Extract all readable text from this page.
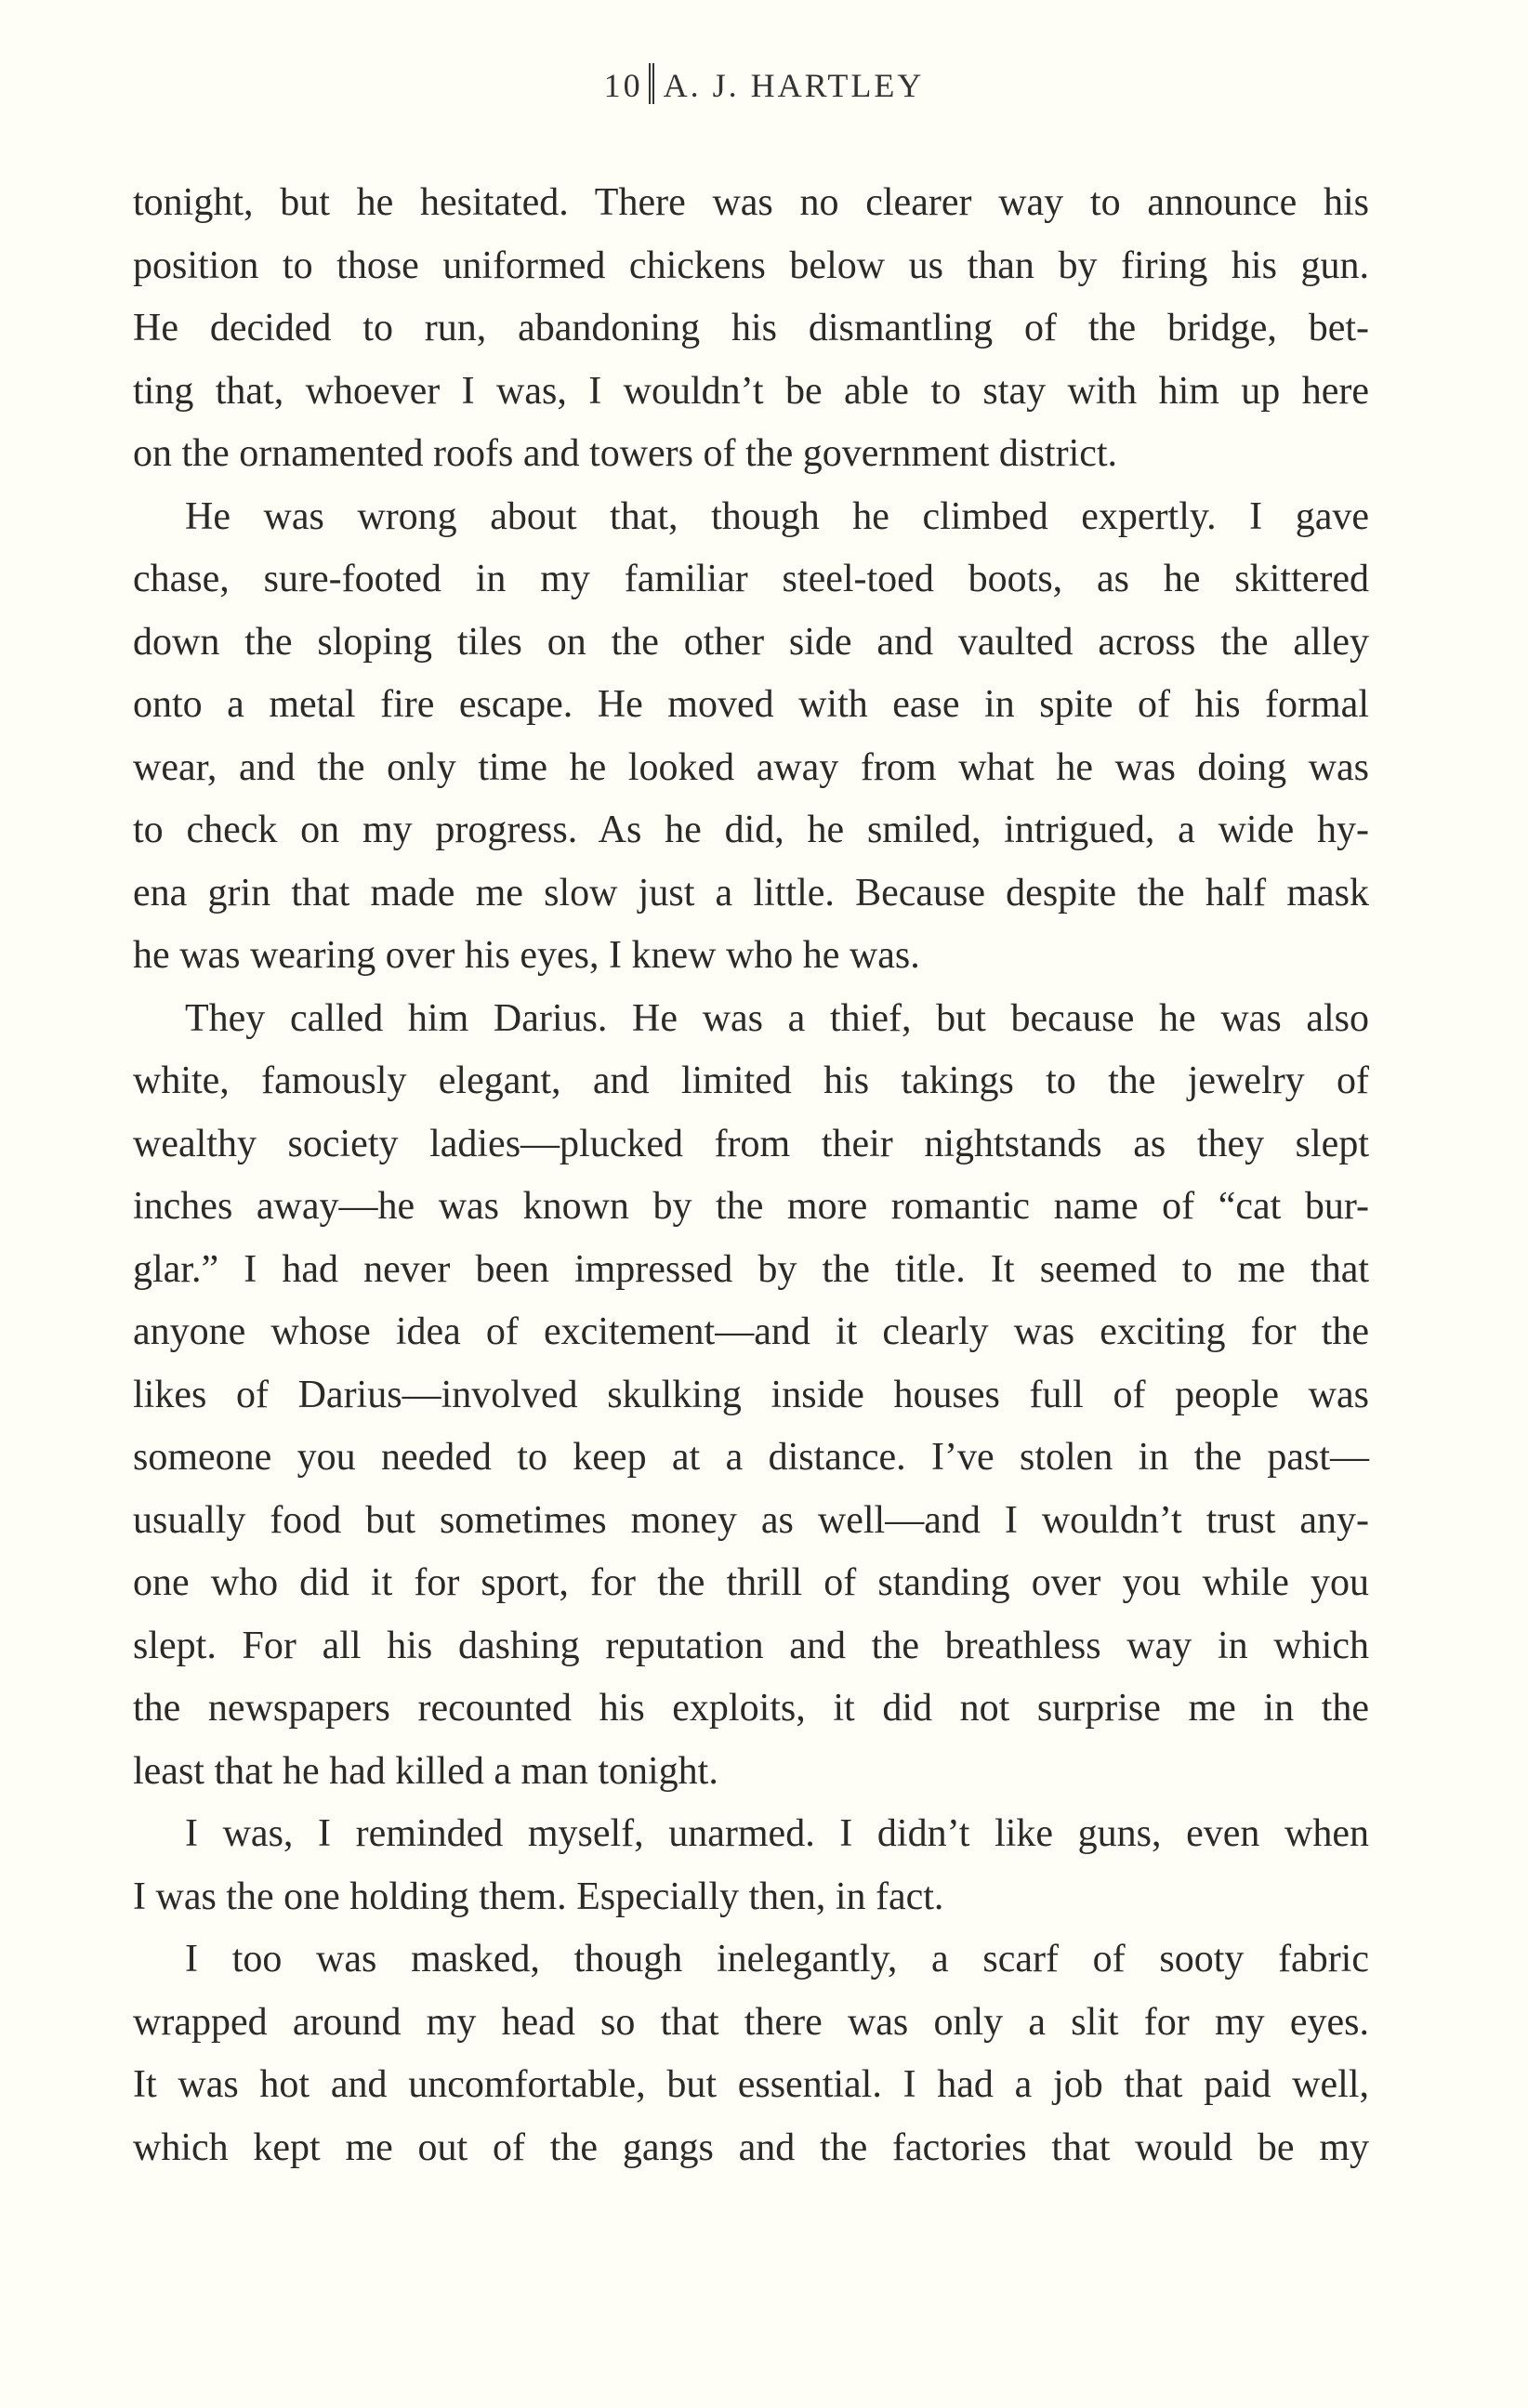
10 A. J. HARTLEY
tonight, but he hesitated. There was no clearer way to announce his
position to those uniformed chickens below us than by firing his gun.
He decided to run, abandoning his dismantling of the bridge, bet-
ting that, whoever I was, I wouldn’t be able to stay with him up here
on the ornamented roofs and towers of the government district.
He was wrong about that, though he climbed expertly. I gave
chase, sure-footed in my familiar steel-toed boots, as he skittered
down the sloping tiles on the other side and vaulted across the alley
onto a metal fire escape. He moved with ease in spite of his formal
wear, and the only time he looked away from what he was doing was
to check on my progress. As he did, he smiled, intrigued, a wide hy-
ena grin that made me slow just a little. Because despite the half mask
he was wearing over his eyes, I knew who he was.
They called him Darius. He was a thief, but because he was also
white, famously elegant, and limited his takings to the jewelry of
wealthy society ladies—plucked from their nightstands as they slept
inches away—he was known by the more romantic name of “cat bur-
glar.” I had never been impressed by the title. It seemed to me that
anyone whose idea of excitement—and it clearly was exciting for the
likes of Darius—involved skulking inside houses full of people was
someone you needed to keep at a distance. I’ve stolen in the past—
usually food but sometimes money as well—and I wouldn’t trust any-
one who did it for sport, for the thrill of standing over you while you
slept. For all his dashing reputation and the breathless way in which
the newspapers recounted his exploits, it did not surprise me in the
least that he had killed a man tonight.
I was, I reminded myself, unarmed. I didn’t like guns, even when
I was the one holding them. Especially then, in fact.
I too was masked, though inelegantly, a scarf of sooty fabric
wrapped around my head so that there was only a slit for my eyes.
It was hot and uncomfortable, but essential. I had a job that paid well,
which kept me out of the gangs and the factories that would be my
